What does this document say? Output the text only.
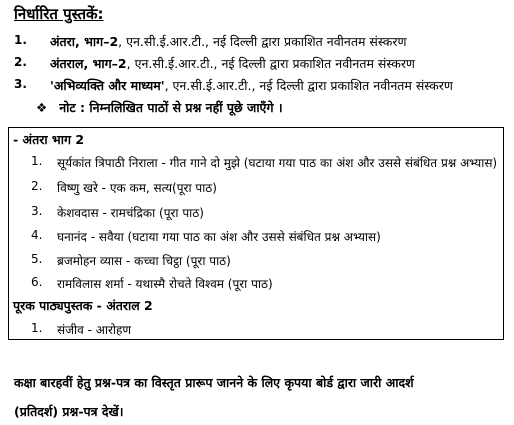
निर्धारित पुस्तकें:
1. अंतरा, भाग–2, एन.सी.ई.आर.टी., नई दिल्ली द्वारा प्रकाशित नवीनतम संस्करण
2. अंतराल, भाग–2, एन.सी.ई.आर.टी., नई दिल्ली द्वारा प्रकाशित नवीनतम संस्करण
3. 'अभिव्यक्ति और माध्यम', एन.सी.ई.आर.टी., नई दिल्ली द्वारा प्रकाशित नवीनतम संस्करण
❖ नोट : निम्नलिखित पाठों से प्रश्न नहीं पूछे जाएँगे ।
- अंतरा भाग 2
1. सूर्यकांत त्रिपाठी निराला - गीत गाने दो मुझे (घटाया गया पाठ का अंश और उससे संबंधित प्रश्न अभ्यास)
2. विष्णु खरे - एक कम, सत्य(पूरा पाठ)
3. केशवदास - रामचंद्रिका (पूरा पाठ)
4. घनानंद - सवैया (घटाया गया पाठ का अंश और उससे संबंधित प्रश्न अभ्यास)
5. ब्रजमोहन व्यास - कच्चा चिट्ठा (पूरा पाठ)
6. रामविलास शर्मा - यथास्मै रोचते विश्वम (पूरा पाठ)
पूरक पाठ्यपुस्तक - अंतराल 2
1. संजीव - आरोहण
कक्षा बारहवीं हेतु प्रश्न-पत्र का विस्तृत प्रारूप जानने के लिए कृपया बोर्ड द्वारा जारी आदर्श
(प्रतिदर्श) प्रश्न-पत्र देखें।
